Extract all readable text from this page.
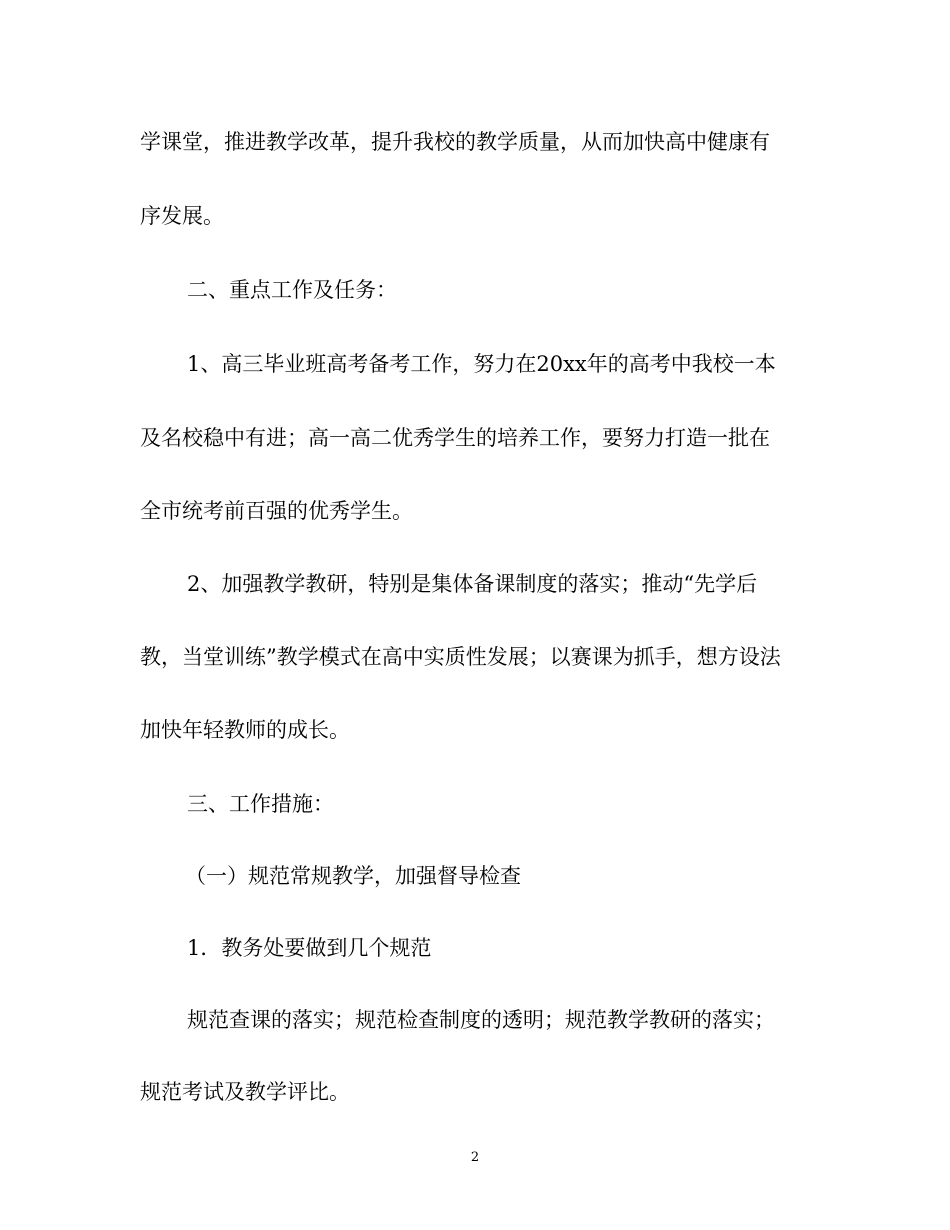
学课堂，推进教学改革，提升我校的教学质量，从而加快高中健康有
序发展。
二、重点工作及任务：
1、高三毕业班高考备考工作，努力在20xx年的高考中我校一本
及名校稳中有进；高一高二优秀学生的培养工作，要努力打造一批在
全市统考前百强的优秀学生。
2、加强教学教研，特别是集体备课制度的落实；推动“先学后
教，当堂训练”教学模式在高中实质性发展；以赛课为抓手，想方设法
加快年轻教师的成长。
三、工作措施：
（一）规范常规教学，加强督导检查
1．教务处要做到几个规范
规范查课的落实；规范检查制度的透明；规范教学教研的落实；
规范考试及教学评比。
2
